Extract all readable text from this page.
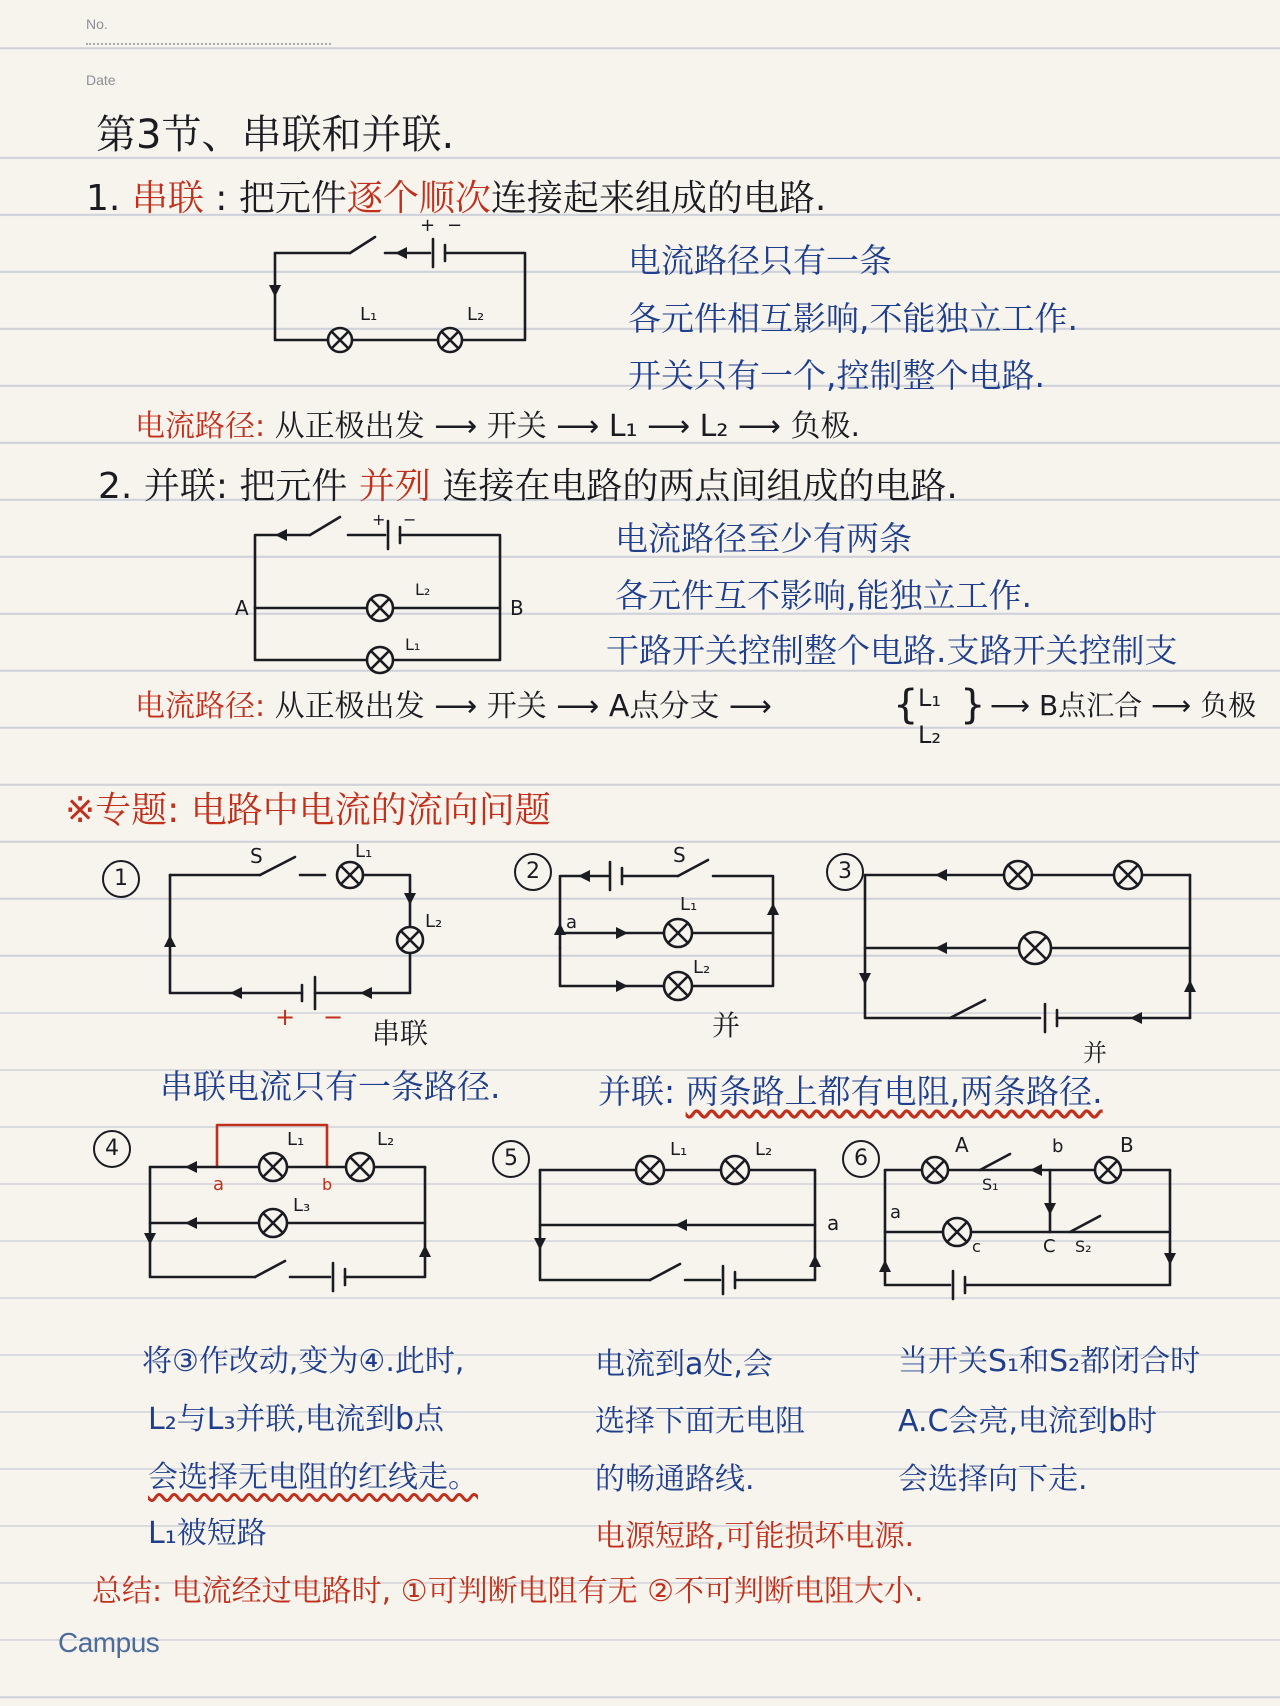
No.
Date
第3节、串联和并联.
1. 串联 : 把元件逐个顺次连接起来组成的电路.
L₁	L₂
+ −
电流路径只有一条
各元件相互影响,不能独立工作.
开关只有一个,控制整个电路.
电流路径: 从正极出发 ⟶ 开关 ⟶ L₁ ⟶ L₂ ⟶ 负极.
2. 并联: 把元件 并列 连接在电路的两点间组成的电路.
A	B
L₂
L₁
+ −	电流路径至少有两条
各元件互不影响,能独立工作.
干路开关控制整个电路.支路开关控制支
电流路径: 从正极出发 ⟶ 开关 ⟶ A点分支 ⟶	{ L₁
L₂
} ⟶ B点汇合 ⟶ 负极
※专题: 电路中电流的流向问题
1
S	L₁
L₂
+ − 串联
2
S
a
L₁
L₂
并
3
并
串联电流只有一条路径.	并联: 两条路上都有电阻,两条路径.
4
a	b
L₁	L₂
L₃
5
a
L₁	L₂	6
A	B
b
a
c	C
S₁
S₂
将③作改动,变为④.此时,
L₂与L₃并联,电流到b点
会选择无电阻的红线走。
L₁被短路
电流到a处,会
选择下面无电阻
的畅通路线.
电源短路,可能损坏电源.
当开关S₁和S₂都闭合时
A.C会亮,电流到b时
会选择向下走.
总结: 电流经过电路时, ①可判断电阻有无 ②不可判断电阻大小.
Campus
